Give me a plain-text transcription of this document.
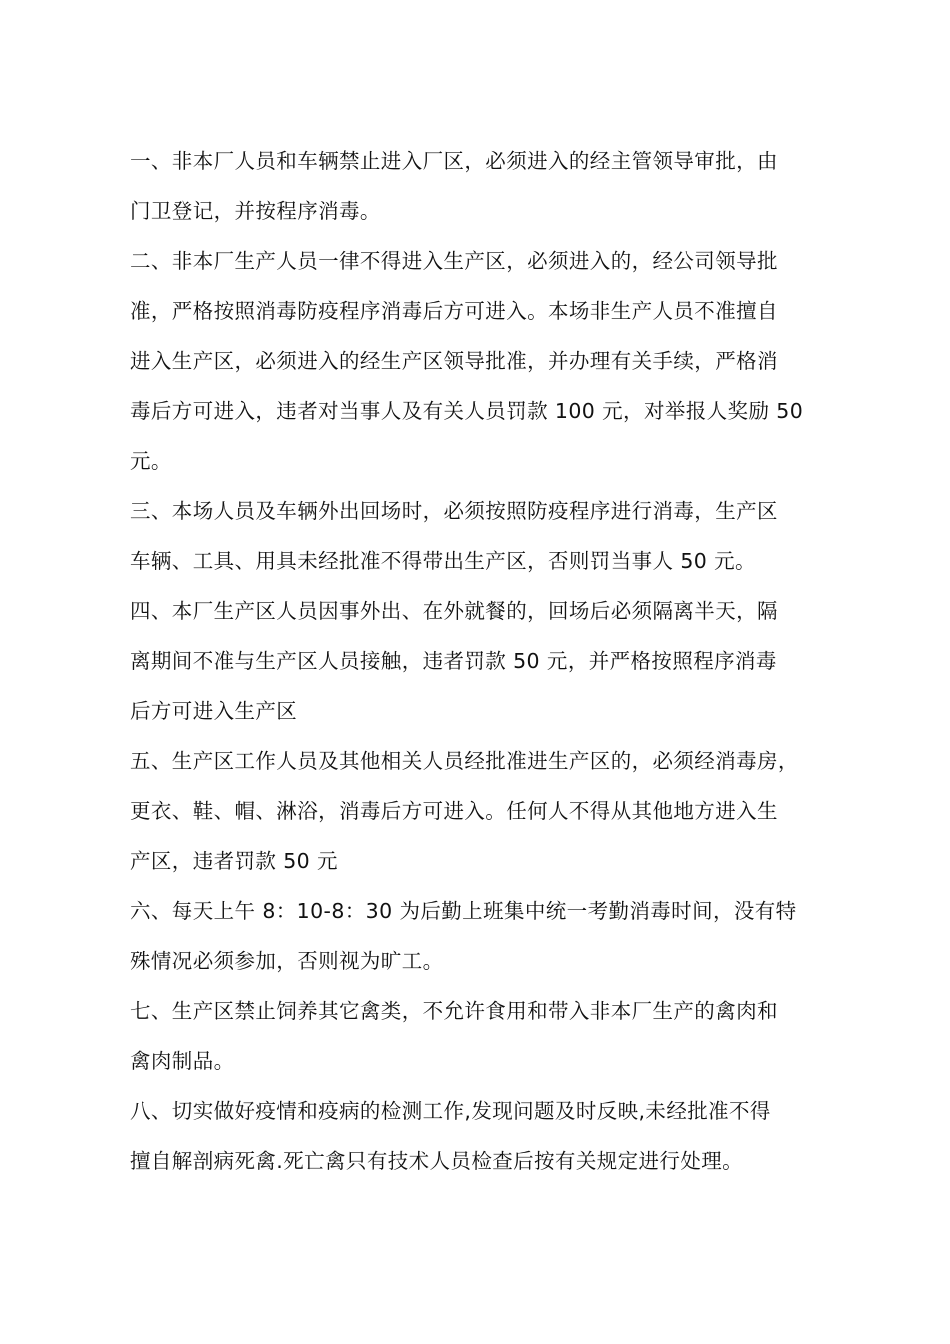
一、非本厂人员和车辆禁止进入厂区，必须进入的经主管领导审批，由
门卫登记，并按程序消毒。
二、非本厂生产人员一律不得进入生产区，必须进入的，经公司领导批
准，严格按照消毒防疫程序消毒后方可进入。本场非生产人员不准擅自
进入生产区，必须进入的经生产区领导批准，并办理有关手续，严格消
毒后方可进入，违者对当事人及有关人员罚款 100 元，对举报人奖励 50
元。
三、本场人员及车辆外出回场时，必须按照防疫程序进行消毒，生产区
车辆、工具、用具未经批准不得带出生产区，否则罚当事人 50 元。
四、本厂生产区人员因事外出、在外就餐的，回场后必须隔离半天，隔
离期间不准与生产区人员接触，违者罚款 50 元，并严格按照程序消毒
后方可进入生产区
五、生产区工作人员及其他相关人员经批准进生产区的，必须经消毒房，
更衣、鞋、帽、淋浴，消毒后方可进入。任何人不得从其他地方进入生
产区，违者罚款 50 元
六、每天上午 8：10-8：30 为后勤上班集中统一考勤消毒时间，没有特
殊情况必须参加，否则视为旷工。
七、生产区禁止饲养其它禽类，不允许食用和带入非本厂生产的禽肉和
禽肉制品。
八、切实做好疫情和疫病的检测工作,发现问题及时反映,未经批准不得
擅自解剖病死禽.死亡禽只有技术人员检查后按有关规定进行处理。
